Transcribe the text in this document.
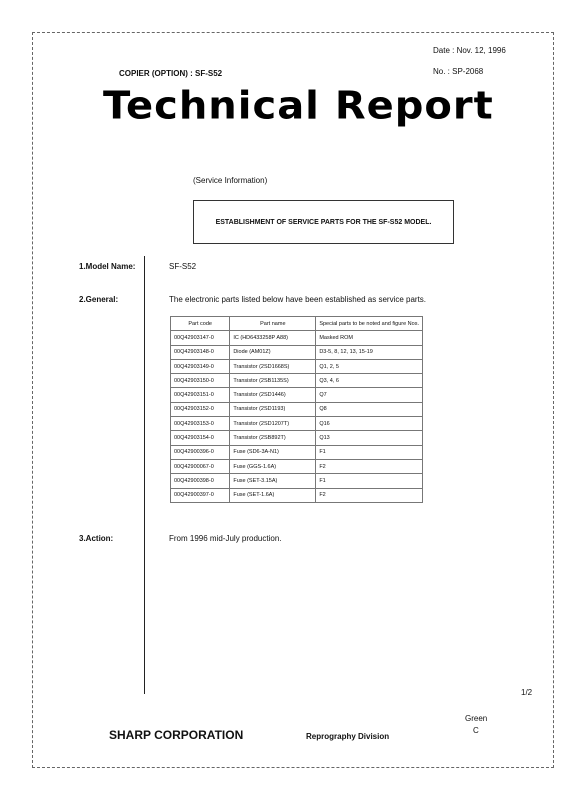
Date : Nov. 12, 1996
COPIER (OPTION) : SF-S52	No. : SP-2068
Technical Report
(Service Information)
ESTABLISHMENT OF SERVICE PARTS FOR THE SF-S52 MODEL.
1.Model Name:	SF-S52
2.General:	The electronic parts listed below have been established as service parts.
Part code	Part name	Special parts to be noted and figure Nos.
00Q42903147-0	IC (HD6433258P A88)	Masked ROM
00Q42903148-0	Diode (AM01Z)	D3-5, 8, 12, 13, 15-19
00Q42903149-0	Transistor (2SD1668S)	Q1, 2, 5
00Q42903150-0	Transistor (2SB1135S)	Q3, 4, 6
00Q42903151-0	Transistor (2SD1446)	Q7
00Q42903152-0	Transistor (2SD1193)	Q8
00Q42903153-0	Transistor (2SD1207T)	Q16
00Q42903154-0	Transistor (2SB892T)	Q13
00Q42900396-0	Fuse (SD6-3A-N1)	F1
00Q42900067-0	Fuse (GGS-1.6A)	F2
00Q42900398-0	Fuse (SET-3.15A)	F1
00Q42900397-0	Fuse (SET-1.6A)	F2
3.Action:	From 1996 mid-July production.
1/2
Green
C
SHARP CORPORATION	Reprography Division
